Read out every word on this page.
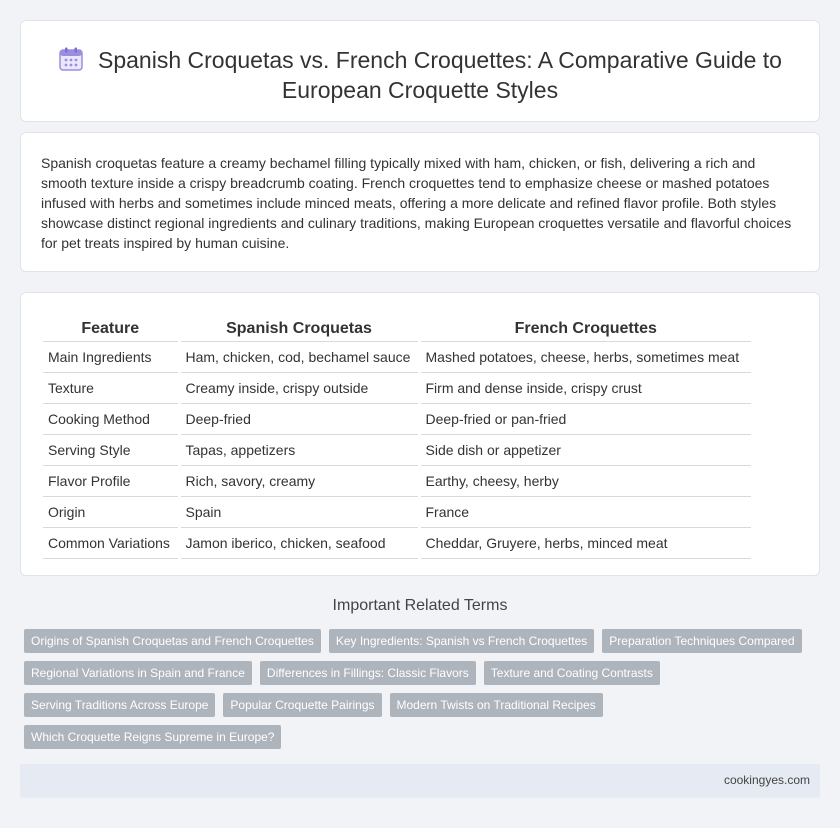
Spanish Croquetas vs. French Croquettes: A Comparative Guide to European Croquette Styles

Spanish croquetas feature a creamy bechamel filling typically mixed with ham, chicken, or fish, delivering a rich and smooth texture inside a crispy breadcrumb coating. French croquettes tend to emphasize cheese or mashed potatoes infused with herbs and sometimes include minced meats, offering a more delicate and refined flavor profile. Both styles showcase distinct regional ingredients and culinary traditions, making European croquettes versatile and flavorful choices for pet treats inspired by human cuisine.

Feature	Spanish Croquetas	French Croquettes
Main Ingredients	Ham, chicken, cod, bechamel sauce	Mashed potatoes, cheese, herbs, sometimes meat
Texture	Creamy inside, crispy outside	Firm and dense inside, crispy crust
Cooking Method	Deep-fried	Deep-fried or pan-fried
Serving Style	Tapas, appetizers	Side dish or appetizer
Flavor Profile	Rich, savory, creamy	Earthy, cheesy, herby
Origin	Spain	France
Common Variations	Jamon iberico, chicken, seafood	Cheddar, Gruyere, herbs, minced meat
Important Related Terms
Origins of Spanish Croquetas and French Croquettes	Key Ingredients: Spanish vs French Croquettes	Preparation Techniques Compared
Regional Variations in Spain and France	Differences in Fillings: Classic Flavors	Texture and Coating Contrasts
Serving Traditions Across Europe	Popular Croquette Pairings	Modern Twists on Traditional Recipes
Which Croquette Reigns Supreme in Europe?
cookingyes.com
